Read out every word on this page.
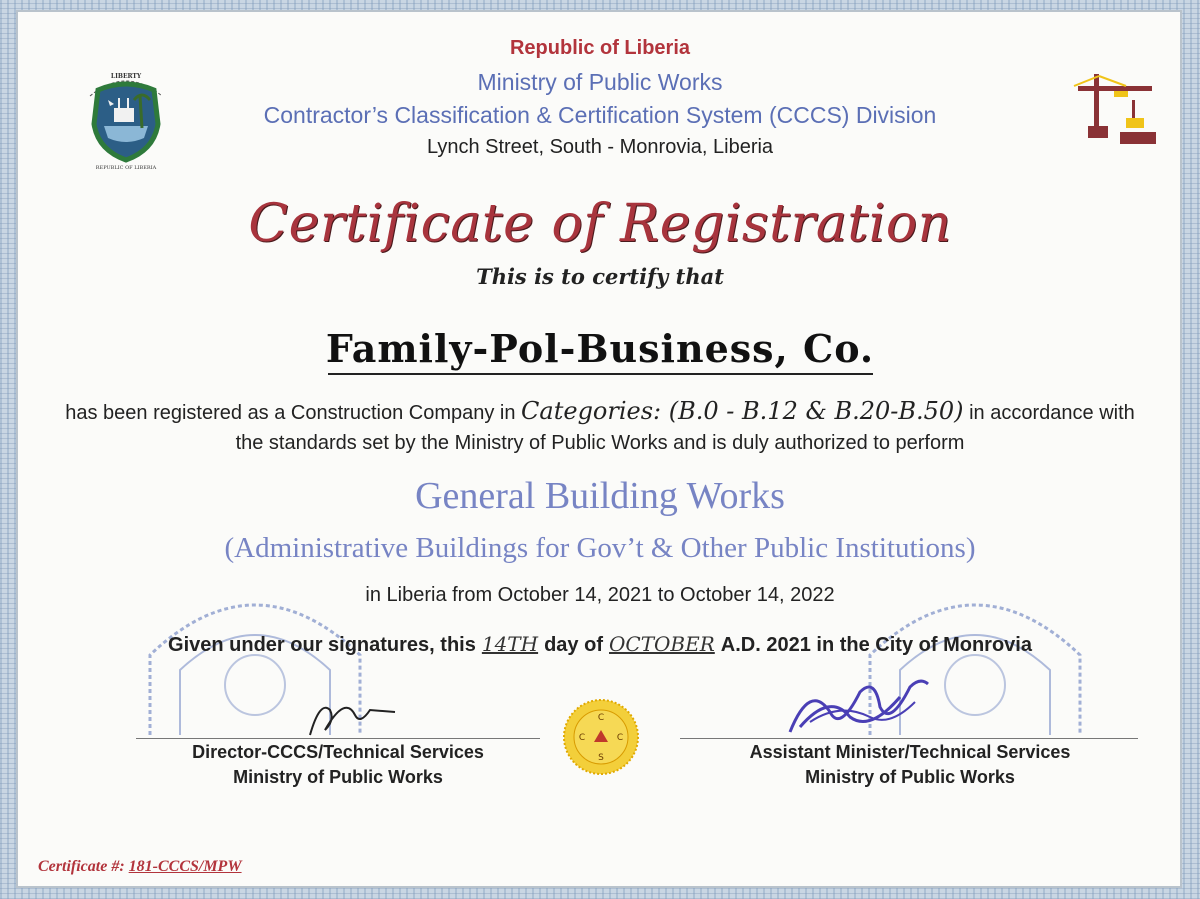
LIBERTY
REPUBLIC OF LIBERIA
Republic of Liberia
Ministry of Public Works
Contractor’s Classification & Certification System (CCCS) Division
Lynch Street, South - Monrovia, Liberia
Certificate of Registration
This is to certify that
Family-Pol-Business, Co.
has been registered as a Construction Company in Categories: (B.0 - B.12 & B.20-B.50) in accordance with
the standards set by the Ministry of Public Works and is duly authorized to perform
General Building Works
(Administrative Buildings for Gov’t & Other Public Institutions)
in Liberia from October 14, 2021 to October 14, 2022
Given under our signatures, this 14TH day of OCTOBER A.D. 2021 in the City of Monrovia
Director-CCCS/Technical Services
Ministry of Public Works
Assistant Minister/Technical Services
Ministry of Public Works
C
C	C
S
Certificate #: 181-CCCS/MPW
